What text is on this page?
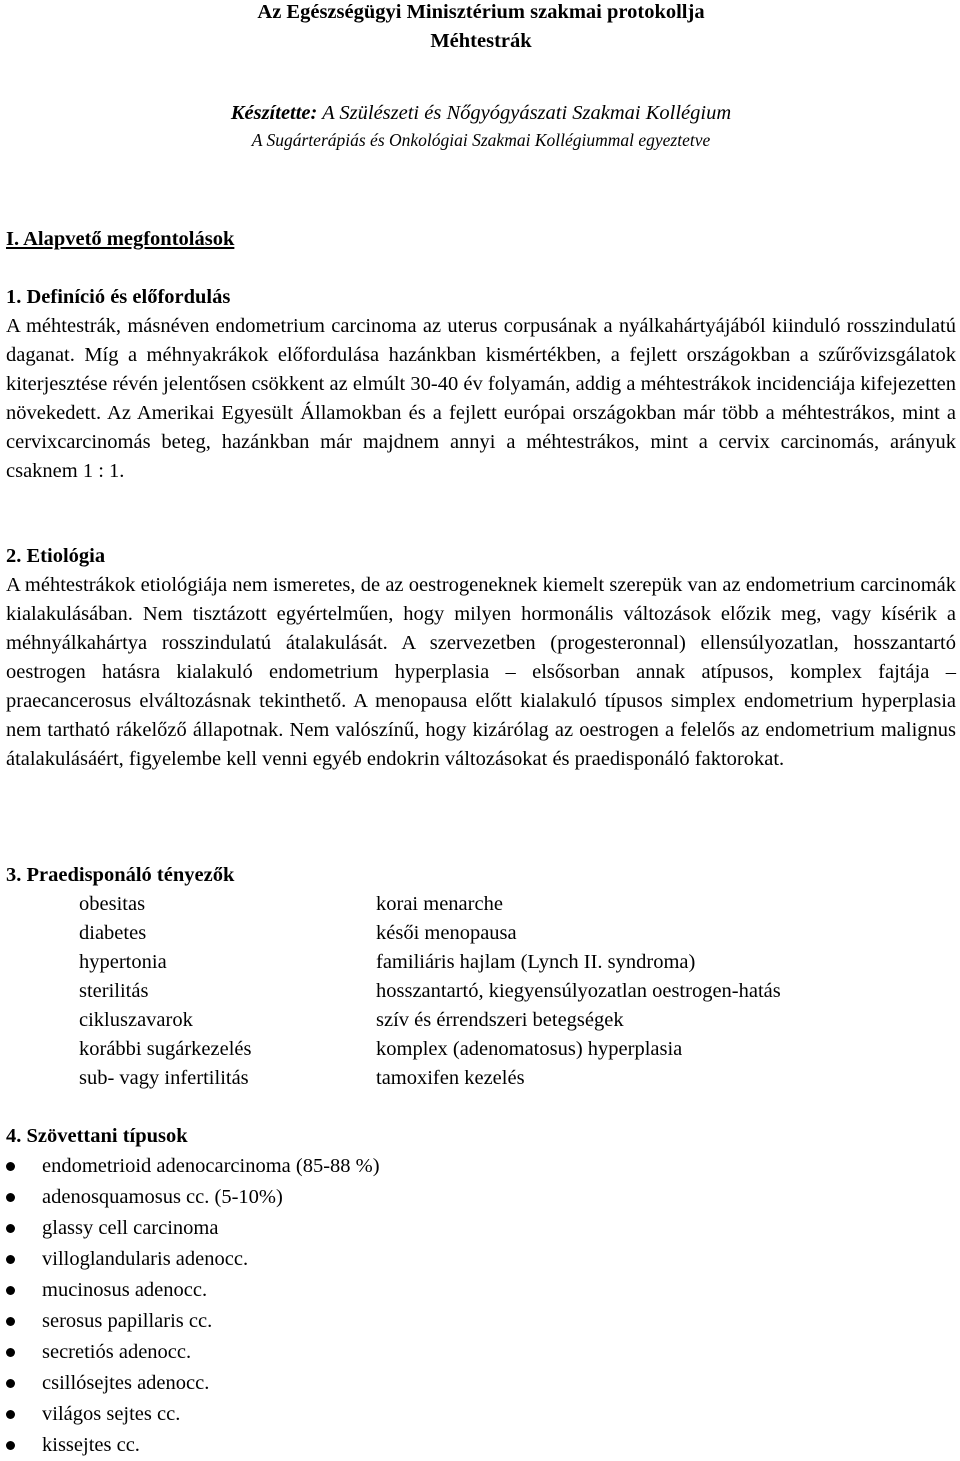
Az Egészségügyi Minisztérium szakmai protokollja
Méhtestrák
Készítette: A Szülészeti és Nőgyógyászati Szakmai Kollégium
A Sugárterápiás és Onkológiai Szakmai Kollégiummal egyeztetve
I. Alapvető megfontolások
1. Definíció és előfordulás
A méhtestrák, másnéven endometrium carcinoma az uterus corpusának a nyálkahártyájából kiinduló rosszindulatú daganat. Míg a méhnyakrákok előfordulása hazánkban kismértékben, a fejlett országokban a szűrővizsgálatok kiterjesztése révén jelentősen csökkent az elmúlt 30-40 év folyamán, addig a méhtestrákok incidenciája kifejezetten növekedett. Az Amerikai Egyesült Államokban és a fejlett európai országokban már több a méhtestrákos, mint a cervixcarcinomás beteg, hazánkban már majdnem annyi a méhtestrákos, mint a cervix carcinomás, arányuk csaknem 1 : 1.
2. Etiológia
A méhtestrákok etiológiája nem ismeretes, de az oestrogeneknek kiemelt szerepük van az endometrium carcinomák kialakulásában. Nem tisztázott egyértelműen, hogy milyen hormonális változások előzik meg, vagy kísérik a méhnyálkahártya rosszindulatú átalakulását. A szervezetben (progesteronnal) ellensúlyozatlan, hosszantartó oestrogen hatásra kialakuló endometrium hyperplasia – elsősorban annak atípusos, komplex fajtája – praecancerosus elváltozásnak tekinthető. A menopausa előtt kialakuló típusos simplex endometrium hyperplasia nem tartható rákelőző állapotnak. Nem valószínű, hogy kizárólag az oestrogen a felelős az endometrium malignus átalakulásáért, figyelembe kell venni egyéb endokrin változásokat és praedisponáló faktorokat.
3. Praedisponáló tényezők
obesitas	korai menarche
diabetes	késői menopausa
hypertonia	familiáris hajlam (Lynch II. syndroma)
sterilitás	hosszantartó, kiegyensúlyozatlan oestrogen-hatás
cikluszavarok	szív és érrendszeri betegségek
korábbi sugárkezelés	komplex (adenomatosus) hyperplasia
sub- vagy infertilitás	tamoxifen kezelés
4. Szövettani típusok
endometrioid adenocarcinoma (85-88 %)
adenosquamosus cc. (5-10%)
glassy cell carcinoma
villoglandularis adenocc.
mucinosus adenocc.
serosus papillaris cc.
secretiós adenocc.
csillósejtes adenocc.
világos sejtes cc.
kissejtes cc.
